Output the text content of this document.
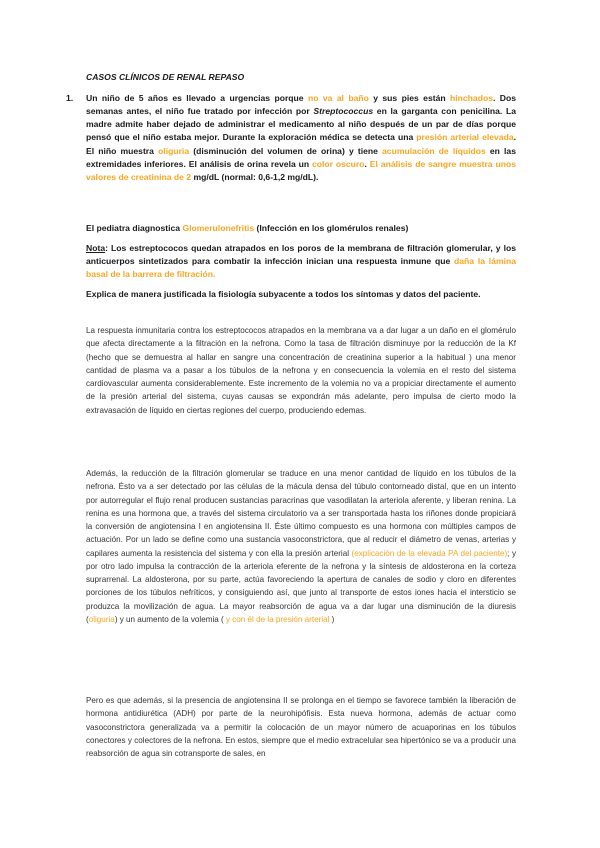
CASOS CLÍNICOS DE RENAL REPASO
1. Un niño de 5 años es llevado a urgencias porque no va al baño y sus pies están hinchados. Dos semanas antes, el niño fue tratado por infección por Streptococcus en la garganta con penicilina. La madre admite haber dejado de administrar el medicamento al niño después de un par de días porque pensó que el niño estaba mejor. Durante la exploración médica se detecta una presión arterial elevada. El niño muestra oliguria (disminución del volumen de orina) y tiene acumulación de líquidos en las extremidades inferiores. El análisis de orina revela un color oscuro. El análisis de sangre muestra unos valores de creatinina de 2 mg/dL (normal: 0,6-1,2 mg/dL).
El pediatra diagnostica Glomerulonefritis (Infección en los glomérulos renales)
Nota: Los estreptococos quedan atrapados en los poros de la membrana de filtración glomerular, y los anticuerpos sintetizados para combatir la infección inician una respuesta inmune que daña la lámina basal de la barrera de filtración.
Explica de manera justificada la fisiología subyacente a todos los síntomas y datos del paciente.
La respuesta inmunitaria contra los estreptococos atrapados en la membrana va a dar lugar a un daño en el glomérulo que afecta directamente a la filtración en la nefrona. Como la tasa de filtración disminuye por la reducción de la Kf (hecho que se demuestra al hallar en sangre una concentración de creatinina superior a la habitual ) una menor cantidad de plasma va a pasar a los túbulos de la nefrona y en consecuencia la volemia en el resto del sistema cardiovascular aumenta considerablemente. Este incremento de la volemia no va a propiciar directamente el aumento de la presión arterial del sistema, cuyas causas se expondrán más adelante, pero impulsa de cierto modo la extravasación de líquido en ciertas regiones del cuerpo, produciendo edemas.
Además, la reducción de la filtración glomerular se traduce en una menor cantidad de líquido en los túbulos de la nefrona. Ésto va a ser detectado por las células de la mácula densa del túbulo contorneado distal, que en un intento por autorregular el flujo renal producen sustancias paracrinas que vasodilatan la arteriola aferente, y liberan renina. La renina es una hormona que, a través del sistema circulatorio va a ser transportada hasta los riñones donde propiciará la conversión de angiotensina I en angiotensina II. Éste último compuesto es una hormona con múltiples campos de actuación. Por un lado se define como una sustancia vasoconstrictora, que al reducir el diámetro de venas, arterias y capilares aumenta la resistencia del sistema y con ella la presión arterial (explicación de la elevada PA del paciente); y por otro lado impulsa la contracción de la arteriola eferente de la nefrona y la síntesis de aldosterona en la corteza suprarrenal. La aldosterona, por su parte, actúa favoreciendo la apertura de canales de sodio y cloro en diferentes porciones de los túbulos nefríticos, y consiguiendo así, que junto al transporte de estos iones hacia el intersticio se produzca la movilización de agua. La mayor reabsorción de agua va a dar lugar una disminución de la diuresis (oliguria) y un aumento de la volemia ( y con él de la presión arterial )
Pero es que además, si la presencia de angiotensina II se prolonga en el tiempo se favorece también la liberación de hormona antidiurética (ADH) por parte de la neurohipófisis. Esta nueva hormona, además de actuar como vasoconstrictora generalizada va a permitir la colocación de un mayor número de acuaporinas en los túbulos conectores y colectores de la nefrona. En estos, siempre que el medio extracelular sea hipertónico se va a producir una reabsorción de agua sin cotransporte de sales, en
